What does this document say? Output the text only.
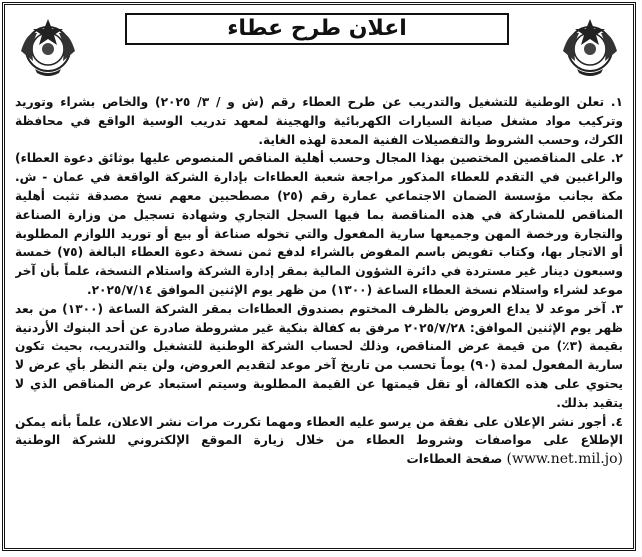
اعلان طرح عطاء

١. تعلن الوطنية للتشغيل والتدريب عن طرح العطاء رقم (ش و / ٣/ ٢٠٢٥) والخاص بشراء وتوريد وتركيب مواد مشغل صيانة السيارات الكهربائية والهجينة لمعهد تدريب الوسية الواقع في محافظة الكرك، وحسب الشروط والتفصيلات الفنية المعدة لهذه الغاية.

٢. على المناقصين المختصين بهذا المجال وحسب أهلية المناقص المنصوص عليها بوثائق دعوة العطاء) والراغبين في التقدم للعطاء المذكور مراجعة شعبة العطاءات بإدارة الشركة الواقعة في عمان - ش. مكة بجانب مؤسسة الضمان الاجتماعي عمارة رقم (٢٥) مصطحبين معهم نسخ مصدقة تثبت أهلية المناقص للمشاركة في هذه المناقصة بما فيها السجل التجاري وشهادة تسجيل من وزارة الصناعة والتجارة ورخصة المهن وجميعها سارية المفعول والتي تخوله صناعة أو بيع أو توريد اللوازم المطلوبة أو الاتجار بها، وكتاب تفويض باسم المفوض بالشراء لدفع ثمن نسخة دعوة العطاء البالغة (٧٥) خمسة وسبعون دينار غير مستردة في دائرة الشؤون المالية بمقر إدارة الشركة واستلام النسخة، علماً بأن آخر موعد لشراء واستلام نسخة العطاء الساعة (١٣٠٠) من ظهر يوم الإثنين الموافق ٢٠٢٥/٧/١٤.

٣. آخر موعد لا يداع العروض بالظرف المختوم بصندوق العطاءات بمقر الشركة الساعة (١٣٠٠) من بعد ظهر يوم الإثنين الموافق: ٢٠٢٥/٧/٢٨ مرفق به كفالة بنكية غير مشروطة صادرة عن أحد البنوك الأردنية بقيمة (٣٪) من قيمة عرض المناقص، وذلك لحساب الشركة الوطنية للتشغيل والتدريب، بحيث تكون سارية المفعول لمدة (٩٠) يوماً تحسب من تاريخ آخر موعد لتقديم العروض، ولن يتم النظر بأي عرض لا يحتوي على هذه الكفالة، أو تقل قيمتها عن القيمة المطلوبة وسيتم استبعاد عرض المناقص الذي لا يتقيد بذلك.

٤. أجور نشر الإعلان على نفقة من يرسو عليه العطاء ومهما تكررت مرات نشر الاعلان، علماً بأنه يمكن الإطلاع على مواصفات وشروط العطاء من خلال زيارة الموقع الإلكتروني للشركة الوطنية (www.net.mil.jo) صفحة العطاءات
